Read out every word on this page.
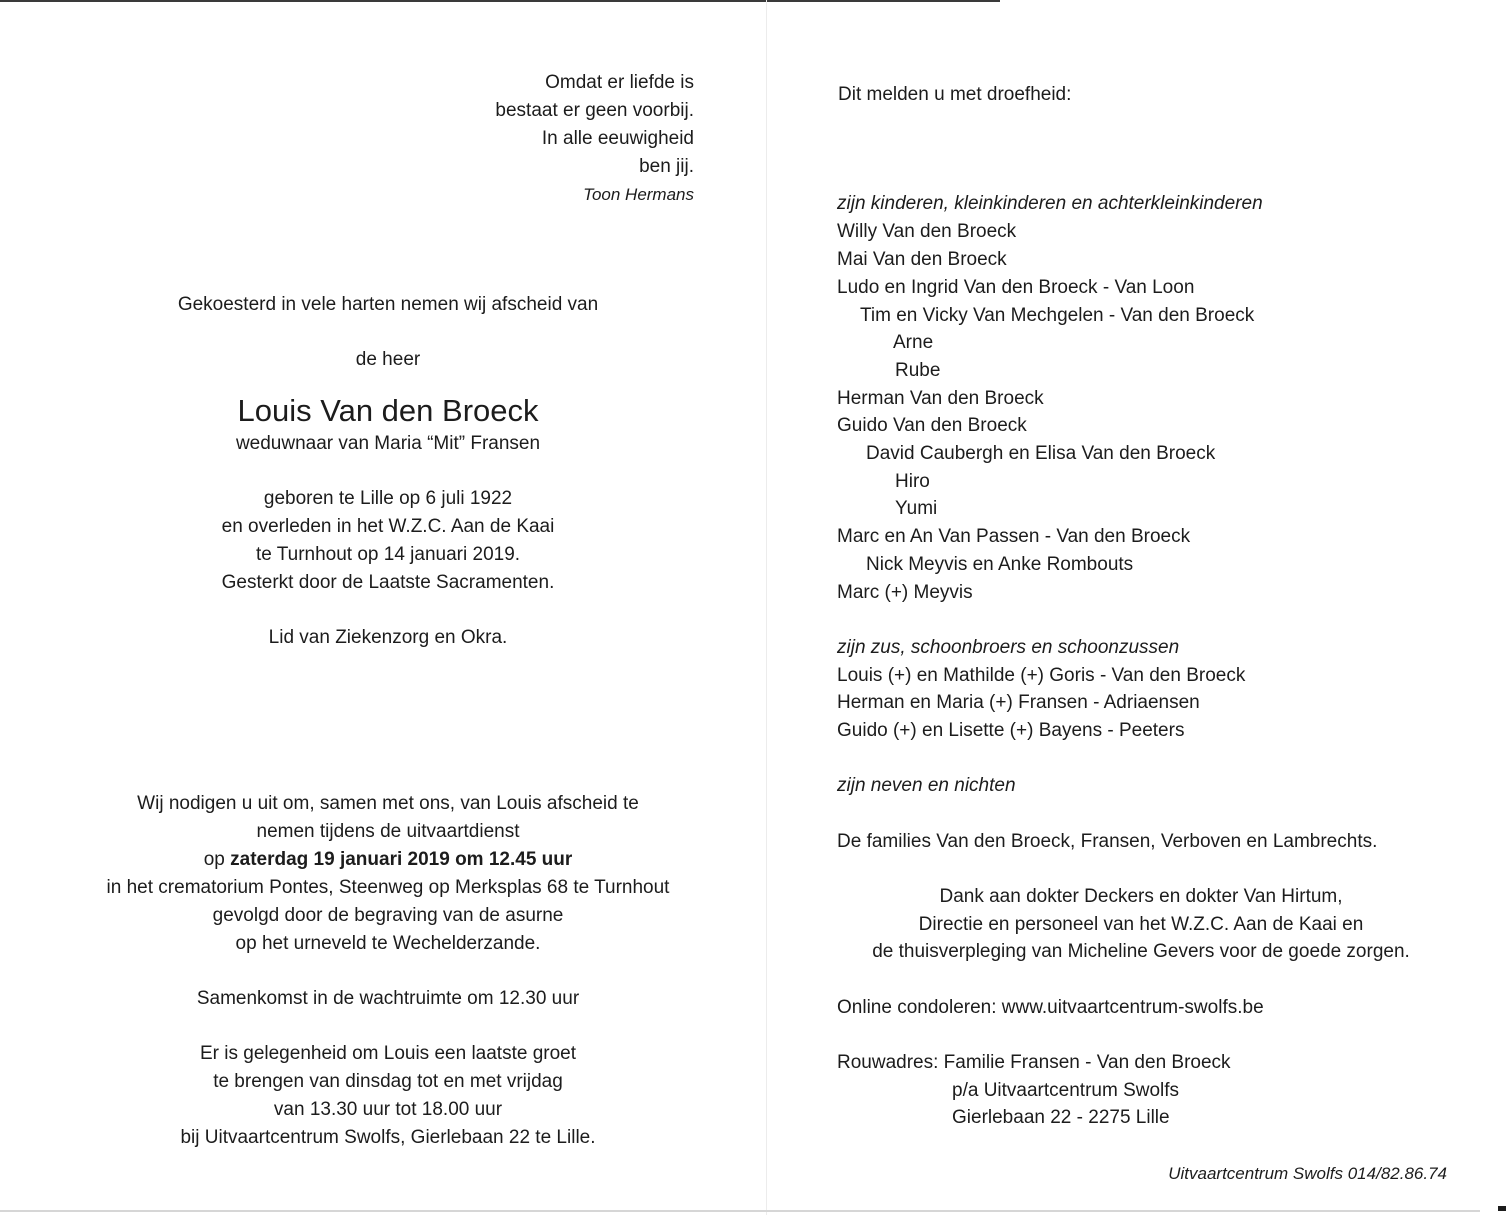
Omdat er liefde is
bestaat er geen voorbij.
In alle eeuwigheid
ben jij.
Toon Hermans
Gekoesterd in vele harten nemen wij afscheid van
de heer
Louis Van den Broeck
weduwnaar van Maria “Mit” Fransen
geboren te Lille op 6 juli 1922
en overleden in het W.Z.C. Aan de Kaai
te Turnhout op 14 januari 2019.
Gesterkt door de Laatste Sacramenten.
Lid van Ziekenzorg en Okra.
Wij nodigen u uit om, samen met ons, van Louis afscheid te
nemen tijdens de uitvaartdienst
op zaterdag 19 januari 2019 om 12.45 uur
in het crematorium Pontes, Steenweg op Merksplas 68 te Turnhout
gevolgd door de begraving van de asurne
op het urneveld te Wechelderzande.
Samenkomst in de wachtruimte om 12.30 uur
Er is gelegenheid om Louis een laatste groet
te brengen van dinsdag tot en met vrijdag
van 13.30 uur tot 18.00 uur
bij Uitvaartcentrum Swolfs, Gierlebaan 22 te Lille.
Dit melden u met droefheid:
zijn kinderen, kleinkinderen en achterkleinkinderen
Willy Van den Broeck
Mai Van den Broeck
Ludo en Ingrid Van den Broeck - Van Loon
Tim en Vicky Van Mechgelen - Van den Broeck
Arne
Rube
Herman Van den Broeck
Guido Van den Broeck
David Caubergh en Elisa Van den Broeck
Hiro
Yumi
Marc en An Van Passen - Van den Broeck
Nick Meyvis en Anke Rombouts
Marc (+) Meyvis
zijn zus, schoonbroers en schoonzussen
Louis (+) en Mathilde (+) Goris - Van den Broeck
Herman en Maria (+) Fransen - Adriaensen
Guido (+) en Lisette (+) Bayens - Peeters
zijn neven en nichten
De families Van den Broeck, Fransen, Verboven en Lambrechts.
Dank aan dokter Deckers en dokter Van Hirtum,
Directie en personeel van het W.Z.C. Aan de Kaai en
de thuisverpleging van Micheline Gevers voor de goede zorgen.
Online condoleren: www.uitvaartcentrum-swolfs.be
Rouwadres: Familie Fransen - Van den Broeck
p/a Uitvaartcentrum Swolfs
Gierlebaan 22 - 2275 Lille
Uitvaartcentrum Swolfs 014/82.86.74
